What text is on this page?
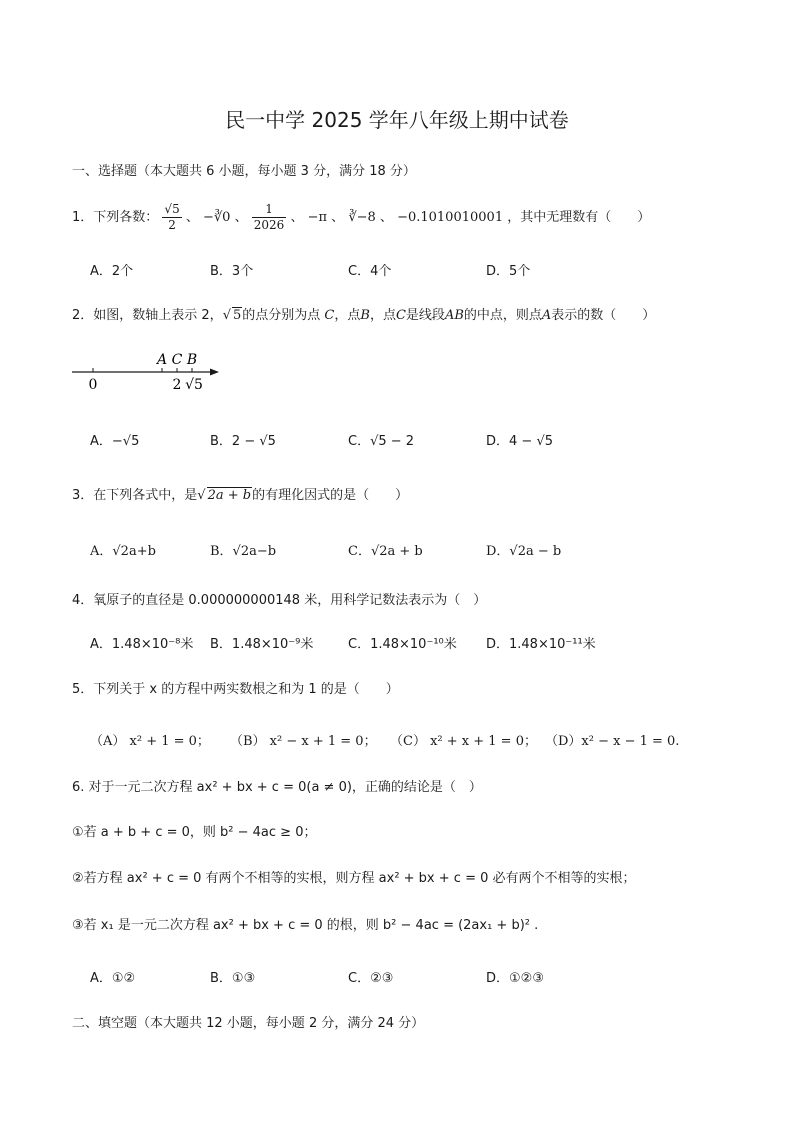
民一中学 2025 学年八年级上期中试卷
一、选择题（本大题共 6 小题，每小题 3 分，满分 18 分）
1．下列各数： $\frac{√5}{2}$ 、 −∛0 、 $\frac{1}{2026}$ 、 −π 、 ∛−8 、 −0.1010010001 ，其中无理数有（　　）
A．2个	B．3个	C．4个	D．5个
2．如图，数轴上表示 2，√ 5的点分别为点 C，点B，点C是线段AB的中点，则点A表示的数（　　）
A C B
0	2 √5
A．−√5	B．2 − √5	C．√5 − 2	D．4 − √5
3．在下列各式中，是√ 2a + b的有理化因式的是（　　）
A．√2a+b	B．√2a−b	C．√2a + b	D．√2a − b
4．氧原子的直径是 0.000000000148 米，用科学记数法表示为（　）
A．1.48×10⁻⁸米 B．1.48×10⁻⁹米	C．1.48×10⁻¹⁰米 D．1.48×10⁻¹¹米
5．下列关于 x 的方程中两实数根之和为 1 的是（　　）
（A） x² + 1 = 0； （B） x² − x + 1 = 0； （C） x² + x + 1 = 0； （D）x² − x − 1 = 0.
6. 对于一元二次方程 ax² + bx + c = 0(a ≠ 0)，正确的结论是（　）
①若 a + b + c = 0，则 b² − 4ac ≥ 0；
②若方程 ax² + c = 0 有两个不相等的实根，则方程 ax² + bx + c = 0 必有两个不相等的实根；
③若 x₁ 是一元二次方程 ax² + bx + c = 0 的根，则 b² − 4ac = (2ax₁ + b)² .
A．①②	B．①③	C．②③	D．①②③
二、填空题（本大题共 12 小题，每小题 2 分，满分 24 分）
